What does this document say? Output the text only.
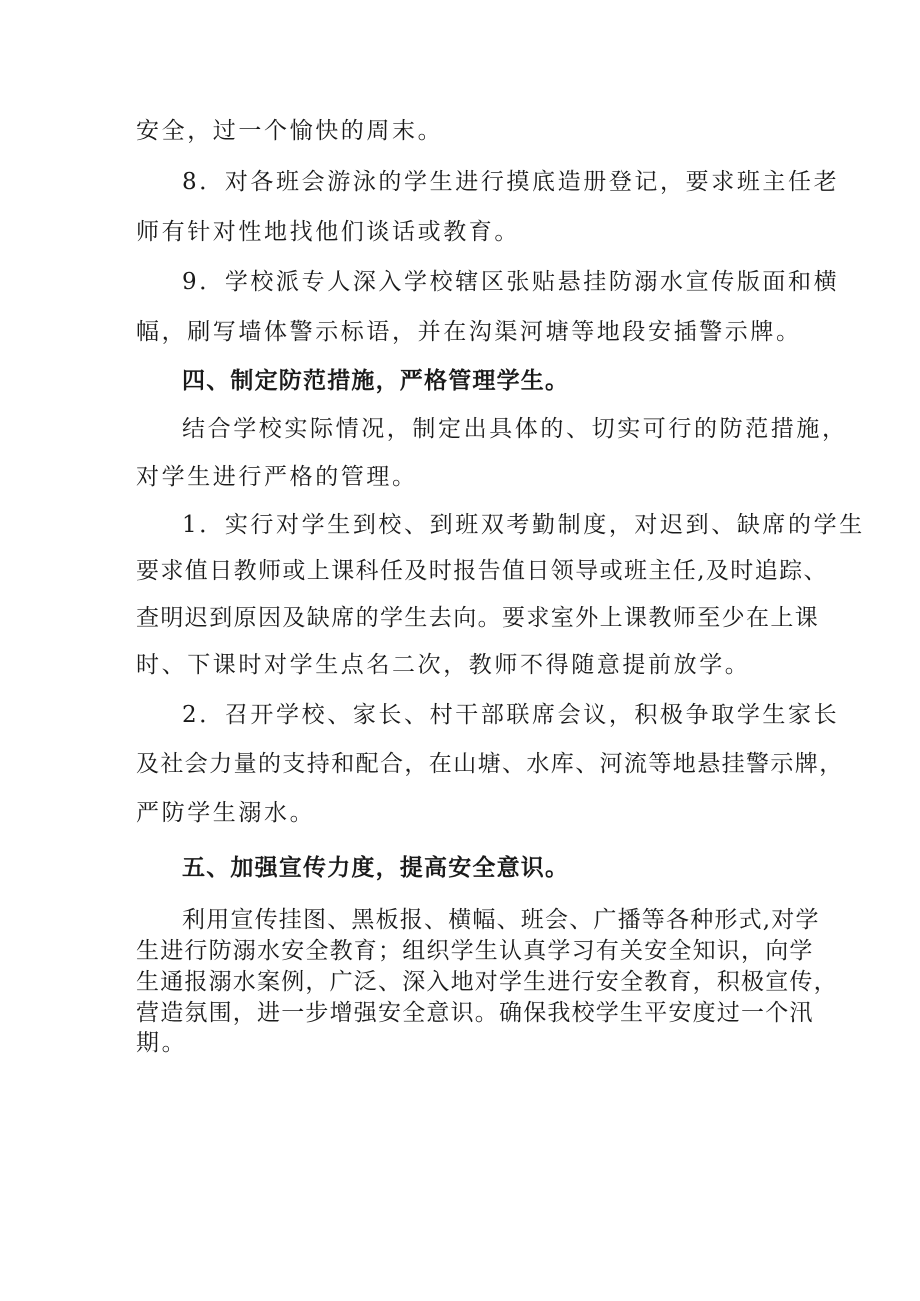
安全，过一个愉快的周末。
8．对各班会游泳的学生进行摸底造册登记，要求班主任老
师有针对性地找他们谈话或教育。
9．学校派专人深入学校辖区张贴悬挂防溺水宣传版面和横
幅，刷写墙体警示标语，并在沟渠河塘等地段安插警示牌。
四、制定防范措施，严格管理学生。
结合学校实际情况，制定出具体的、切实可行的防范措施，
对学生进行严格的管理。
1．实行对学生到校、到班双考勤制度，对迟到、缺席的学生
要求值日教师或上课科任及时报告值日领导或班主任,及时追踪、
查明迟到原因及缺席的学生去向。要求室外上课教师至少在上课
时、下课时对学生点名二次，教师不得随意提前放学。
2．召开学校、家长、村干部联席会议，积极争取学生家长
及社会力量的支持和配合，在山塘、水库、河流等地悬挂警示牌，
严防学生溺水。
五、加强宣传力度，提高安全意识。
利用宣传挂图、黑板报、横幅、班会、广播等各种形式,对学
生进行防溺水安全教育；组织学生认真学习有关安全知识，向学
生通报溺水案例，广泛、深入地对学生进行安全教育，积极宣传，
营造氛围，进一步增强安全意识。确保我校学生平安度过一个汛
期。
